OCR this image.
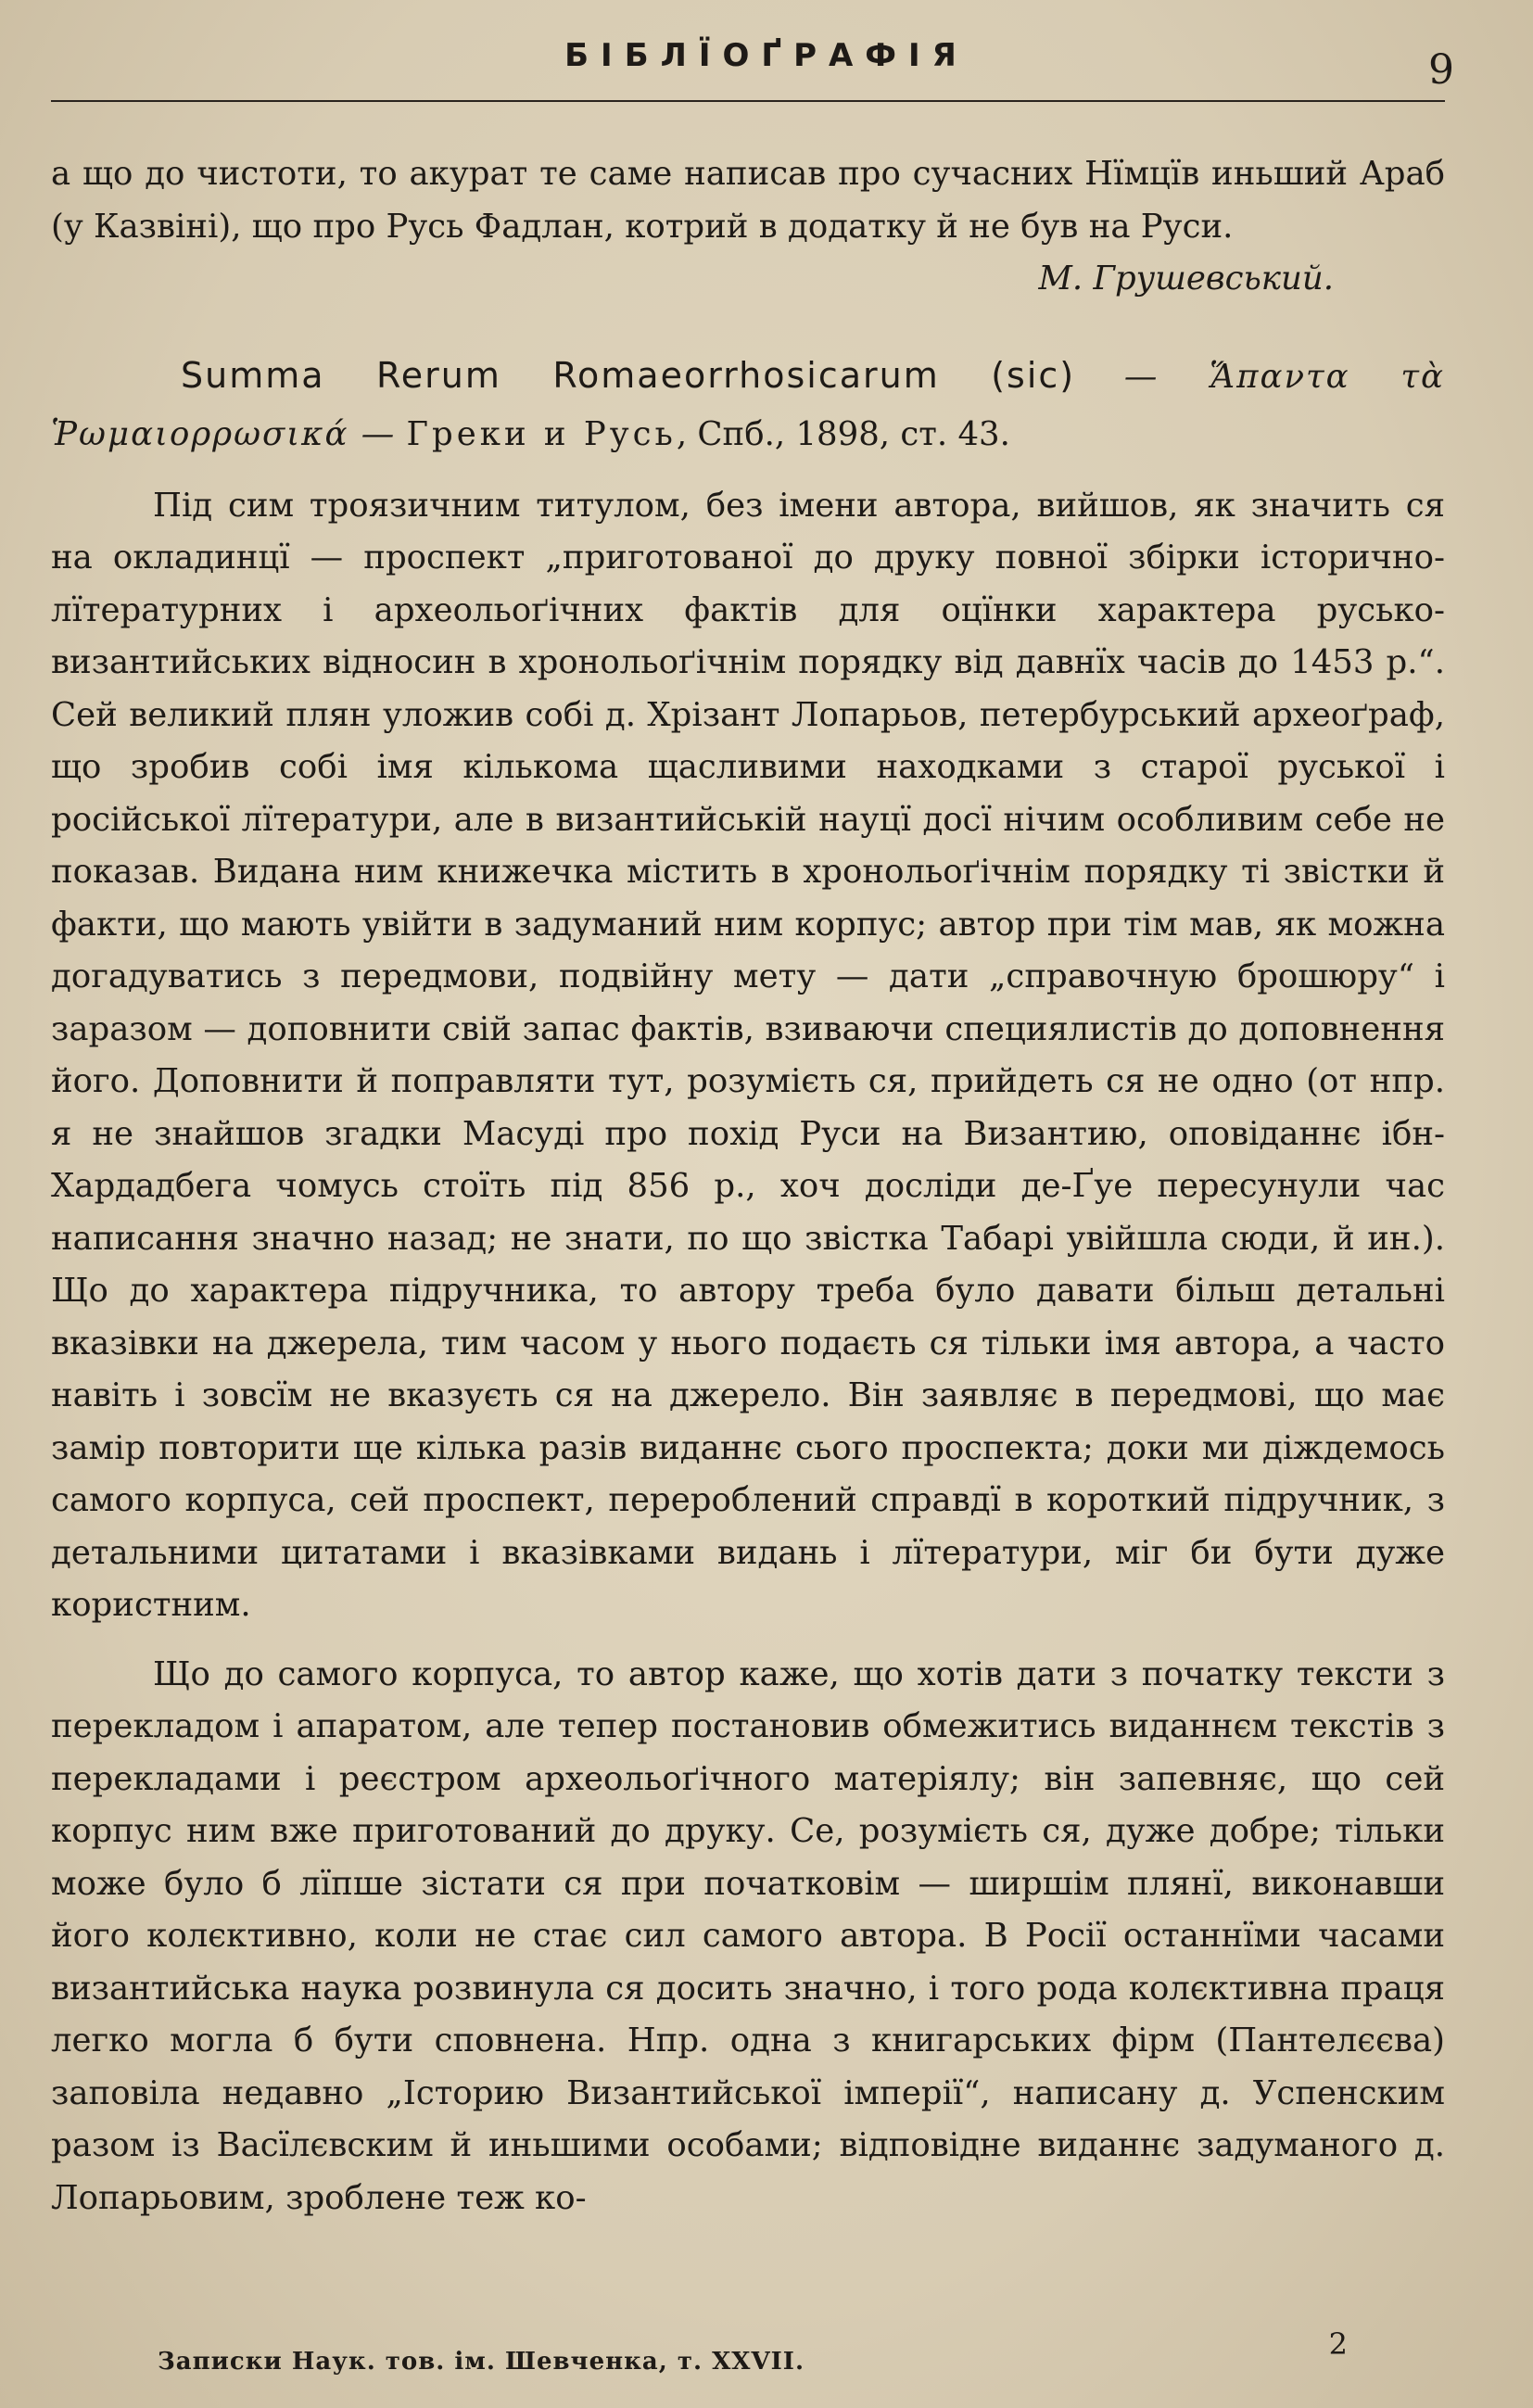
БІБЛЇОҐРАФІЯ	9

а що до чистоти, то акурат те саме написав про сучасних Нїмцїв иньший Араб (у Казвіні), що про Русь Фадлан, котрий в додатку й не був на Руси.

М. Грушевський.

Summa Rerum Romaeorrhosicarum (sic) — Ἅπαντα τὰ Ῥωμαιορρωσικά — Греки и Русь, Спб., 1898, ст. 43.

Під сим троязичним титулом, без імени автора, вийшов, як значить ся на окладинцї — проспект „приготованої до друку повної збірки історично-лїтературних і археольоґічних фактів для оцїнки характера русько-византийських відносин в хронольоґічнім порядку від давнїх часів до 1453 р.“. Сей великий плян уложив собі д. Хрізант Лопарьов, петербурський археоґраф, що зробив собі імя кількома щасливими находками з старої руської і російської лїтератури, але в византийській науцї досї нічим особливим себе не показав. Видана ним книжечка містить в хронольоґічнім порядку ті звістки й факти, що мають увійти в задуманий ним корпус; автор при тім мав, як можна догадуватись з передмови, подвійну мету — дати „справочную брошюру“ і заразом — доповнити свій запас фактів, взиваючи специялистів до доповнення його. Доповнити й поправляти тут, розумієть ся, прийдеть ся не одно (от нпр. я не знайшов згадки Масуді про похід Руси на Византию, оповіданнє ібн-Хардадбега чомусь стоїть під 856 р., хоч досліди де-Ґуе пересунули час написання значно назад; не знати, по що звістка Табарі увійшла сюди, й ин.). Що до характера підручника, то автору треба було давати більш детальні вказівки на джерела, тим часом у нього подаєть ся тільки імя автора, а часто навіть і зовсїм не вказуєть ся на джерело. Він заявляє в передмові, що має замір повторити ще кілька разів виданнє сього проспекта; доки ми діждемось самого корпуса, сей проспект, перероблений справдї в короткий підручник, з детальними цитатами і вказівками видань і лїтератури, міг би бути дуже користним.

Що до самого корпуса, то автор каже, що хотів дати з початку тексти з перекладом і апаратом, але тепер постановив обмежитись виданнєм текстів з перекладами і реєстром археольоґічного матеріялу; він запевняє, що сей корпус ним вже приготований до друку. Се, розумієть ся, дуже добре; тільки може було б лїпше зістати ся при початковім — ширшім плянї, виконавши його колєктивно, коли не стає сил самого автора. В Росії останнїми часами византийська наука розвинула ся досить значно, і того рода колєктивна праця легко могла б бути сповнена. Нпр. одна з книгарських фірм (Пантелєєва) заповіла недавно „Історию Византийської імперії“, написану д. Успенским разом із Васїлєвским й иньшими особами; відповідне виданнє задуманого д. Лопарьовим, зроблене теж ко-

Записки Наук. тов. ім. Шевченка, т. XXVII.	2
